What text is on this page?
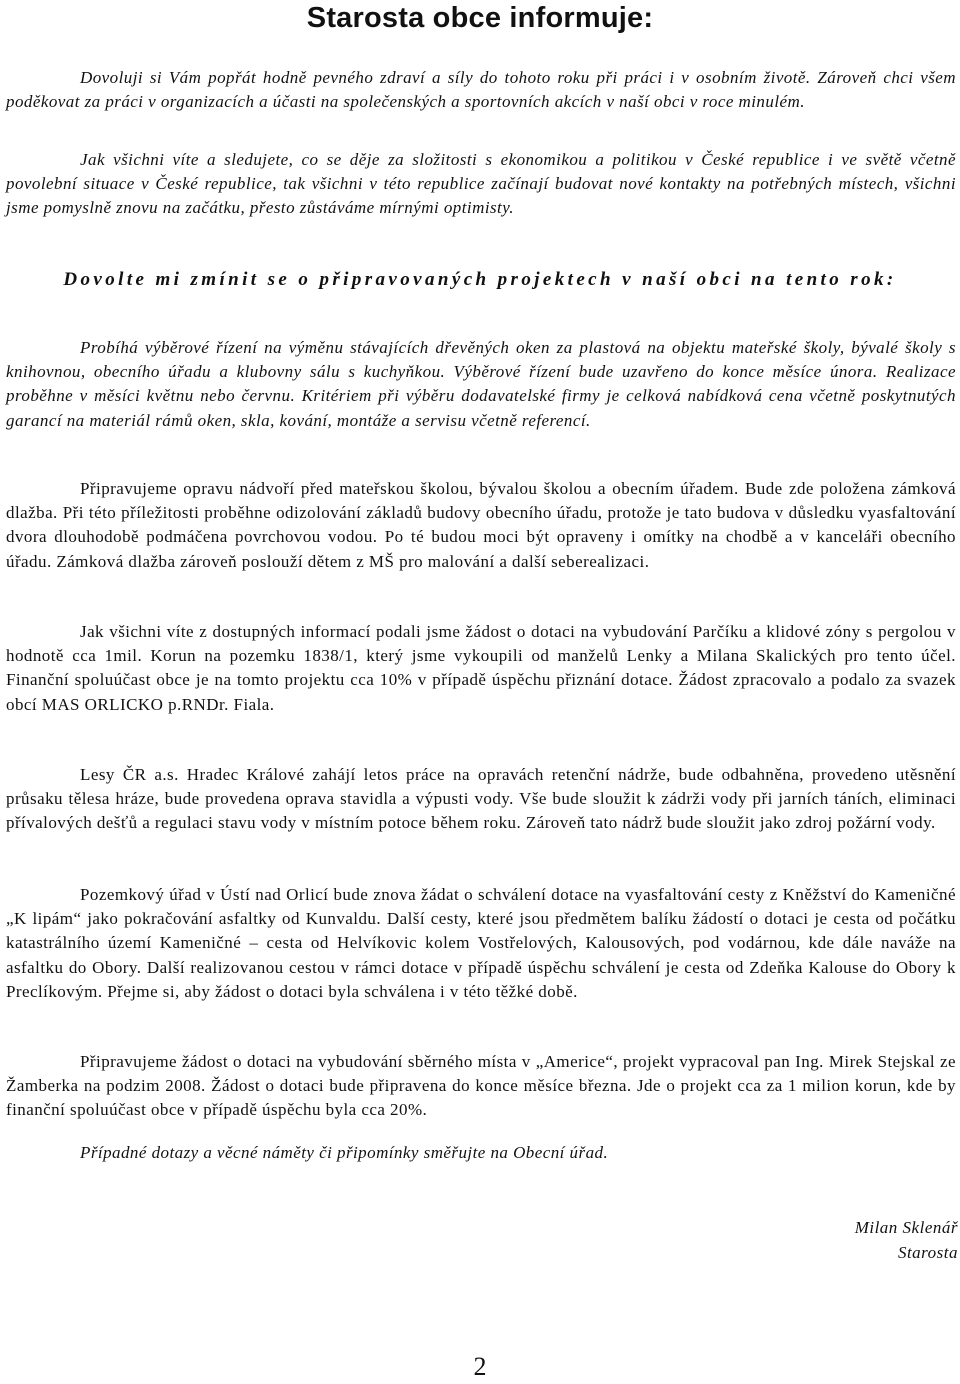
Starosta obce informuje:

Dovoluji si Vám popřát hodně pevného zdraví a síly do tohoto roku při práci i v osobním životě. Zároveň chci všem poděkovat za práci v organizacích a účasti na společenských a sportovních akcích v naší obci v roce minulém.

Jak všichni víte a sledujete, co se děje za složitosti s ekonomikou a politikou v České republice i ve světě včetně povolební situace v České republice, tak všichni v této republice začínají budovat nové kontakty na potřebných místech, všichni jsme pomyslně znovu na začátku, přesto zůstáváme mírnými optimisty.

Dovolte mi zmínit se o připravovaných projektech v naší obci na tento rok:

Probíhá výběrové řízení na výměnu stávajících dřevěných oken za plastová na objektu mateřské školy, bývalé školy s knihovnou, obecního úřadu a klubovny sálu s kuchyňkou. Výběrové řízení bude uzavřeno do konce měsíce února. Realizace proběhne v měsíci květnu nebo červnu. Kritériem při výběru dodavatelské firmy je celková nabídková cena včetně poskytnutých garancí na materiál rámů oken, skla, kování, montáže a servisu včetně referencí.

Připravujeme opravu nádvoří před mateřskou školou, bývalou školou a obecním úřadem. Bude zde položena zámková dlažba. Při této příležitosti proběhne odizolování základů budovy obecního úřadu, protože je tato budova v důsledku vyasfaltování dvora dlouhodobě podmáčena povrchovou vodou. Po té budou moci být opraveny i omítky na chodbě a v kanceláři obecního úřadu. Zámková dlažba zároveň poslouží dětem z MŠ pro malování a další seberealizaci.

Jak všichni víte z dostupných informací podali jsme žádost o dotaci na vybudování Parčíku a klidové zóny s pergolou v hodnotě cca 1mil. Korun na pozemku 1838/1, který jsme vykoupili od manželů Lenky a Milana Skalických pro tento účel. Finanční spoluúčast obce je na tomto projektu cca 10% v případě úspěchu přiznání dotace. Žádost zpracovalo a podalo za svazek obcí MAS ORLICKO p.RNDr. Fiala.

Lesy ČR a.s. Hradec Králové zahájí letos práce na opravách retenční nádrže, bude odbahněna, provedeno utěsnění průsaku tělesa hráze, bude provedena oprava stavidla a výpusti vody. Vše bude sloužit k zádrži vody při jarních táních, eliminaci přívalových dešťů a regulaci stavu vody v místním potoce během roku. Zároveň tato nádrž bude sloužit jako zdroj požární vody.

Pozemkový úřad v Ústí nad Orlicí bude znova žádat o schválení dotace na vyasfaltování cesty z Kněžství do Kameničné „K lipám“ jako pokračování asfaltky od Kunvaldu. Další cesty, které jsou předmětem balíku žádostí o dotaci je cesta od počátku katastrálního území Kameničné – cesta od Helvíkovic kolem Vostřelových, Kalousových, pod vodárnou, kde dále naváže na asfaltku do Obory. Další realizovanou cestou v rámci dotace v případě úspěchu schválení je cesta od Zdeňka Kalouse do Obory k Preclíkovým. Přejme si, aby žádost o dotaci byla schválena i v této těžké době.

Připravujeme žádost o dotaci na vybudování sběrného místa v „Americe“, projekt vypracoval pan Ing. Mirek Stejskal ze Žamberka na podzim 2008. Žádost o dotaci bude připravena do konce měsíce března. Jde o projekt cca za 1 milion korun, kde by finanční spoluúčast obce v případě úspěchu byla cca 20%.

Případné dotazy a věcné náměty či připomínky směřujte na Obecní úřad.

Milan Sklenář

Starosta

2
